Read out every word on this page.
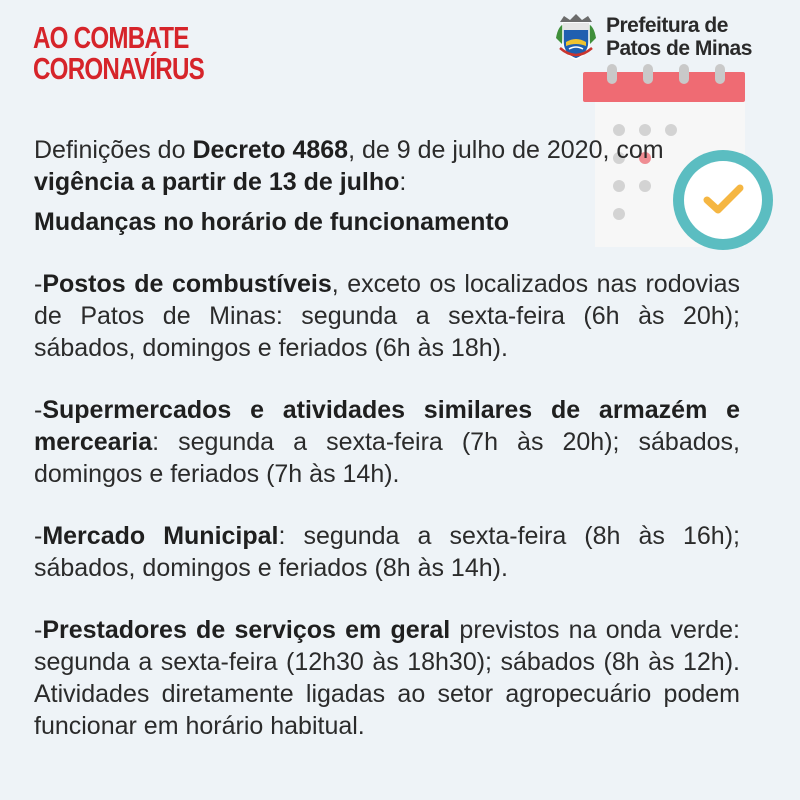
AO COMBATE
CORONAVÍRUS
Prefeitura de
Patos de Minas

Definições do Decreto 4868, de 9 de julho de 2020, com vigência a partir de 13 de julho:

Mudanças no horário de funcionamento

-Postos de combustíveis, exceto os localizados nas rodovias de Patos de Minas: segunda a sexta-feira (6h às 20h); sábados, domingos e feriados (6h às 18h).

-Supermercados e atividades similares de armazém e mercearia: segunda a sexta-feira (7h às 20h); sábados, domingos e feriados (7h às 14h).

-Mercado Municipal: segunda a sexta-feira (8h às 16h); sábados, domingos e feriados (8h às 14h).

-Prestadores de serviços em geral previstos na onda verde: segunda a sexta-feira (12h30 às 18h30); sábados (8h às 12h). Atividades diretamente ligadas ao setor agropecuário podem funcionar em horário habitual.
